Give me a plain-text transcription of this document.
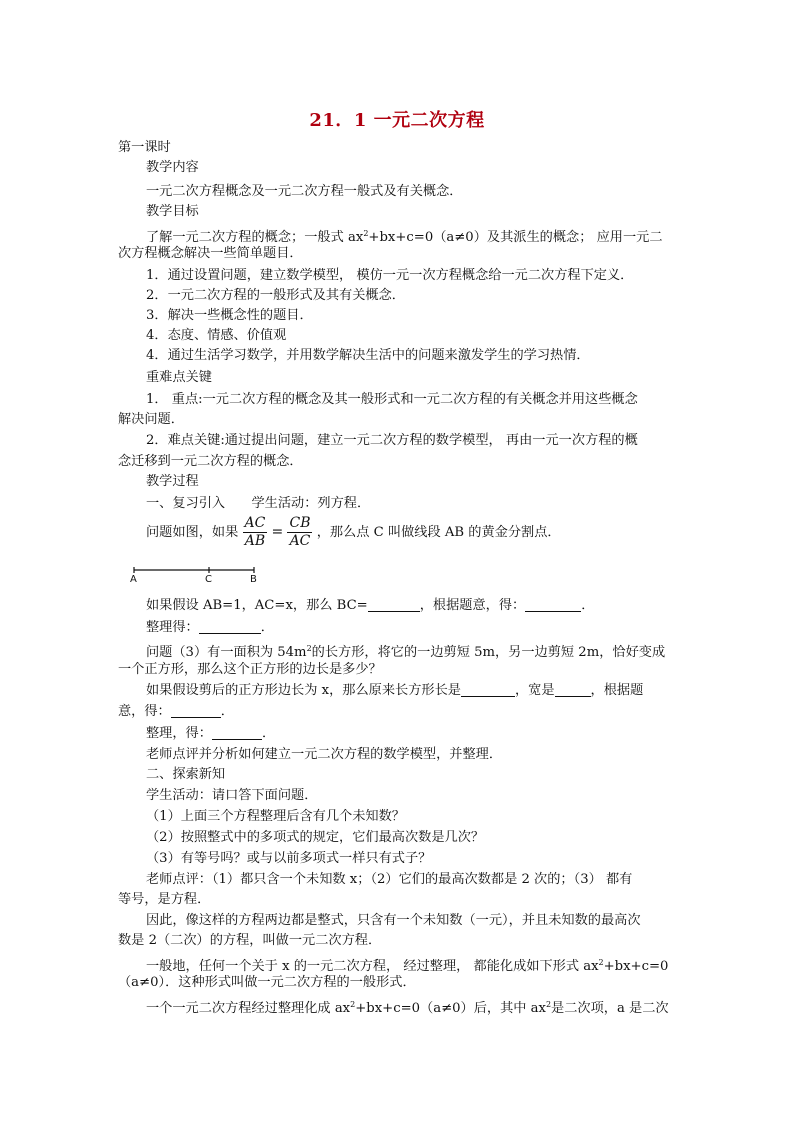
21．1 一元二次方程
第一课时
教学内容
一元二次方程概念及一元二次方程一般式及有关概念．
教学目标
了解一元二次方程的概念；一般式 $ax^2+bx+c=0(a\ne 0)$及其派生的概念； 应用一元二
次方程概念解决一些简单题目．
1．通过设置问题，建立数学模型， 模仿一元一次方程概念给一元二次方程下定义．
2．一元二次方程的一般形式及其有关概念．
3．解决一些概念性的题目．
4．态度、情感、价值观
4．通过生活学习数学，并用数学解决生活中的问题来激发学生的学习热情．
重难点关键
1． 重点:一元二次方程的概念及其一般形式和一元二次方程的有关概念并用这些概念
解决问题．
2．难点关键:通过提出问题，建立一元二次方程的数学模型， 再由一元一次方程的概
念迁移到一元二次方程的概念．
教学过程
一、复习引入　　学生活动：列方程．
问题如图，如果 $\frac{AC}{AB} = \frac{CB}{AC}$ ，那么点 C 叫做线段 AB 的黄金分割点．
A	C	B
如果假设 AB=1，AC=x，那么 BC=	，根据题意，得：	．
整理得：	．
问题（3）有一面积为 $54m^2$的长方形，将它的一边剪短 5m，另一边剪短 2m，恰好变成
一个正方形，那么这个正方形的边长是多少？
如果假设剪后的正方形边长为 x，那么原来长方形长是	，宽是	，根据题
意，得：	．
整理，得：	．
老师点评并分析如何建立一元二次方程的数学模型，并整理．
二、探索新知
学生活动：请口答下面问题．
（1）上面三个方程整理后含有几个未知数？
（2）按照整式中的多项式的规定，它们最高次数是几次？
（3）有等号吗？或与以前多项式一样只有式子？
老师点评：（1）都只含一个未知数 x；（2）它们的最高次数都是 2 次的；（3） 都有
等号，是方程．
因此，像这样的方程两边都是整式，只含有一个未知数（一元），并且未知数的最高次
数是 2（二次）的方程，叫做一元二次方程．
一般地，任何一个关于 x 的一元二次方程， 经过整理， 都能化成如下形式 $ax^2+bx+c=0$
（a≠0）．这种形式叫做一元二次方程的一般形式．
一个一元二次方程经过整理化成 $ax^2+bx+c=0(a\ne 0)$后，其中 $ax^2$是二次项，a 是二次
